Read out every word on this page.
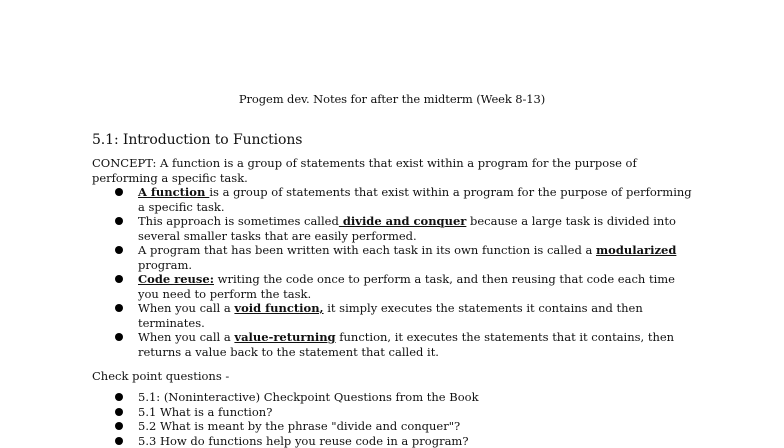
Progem dev. Notes for after the midterm (Week 8-13)
5.1: Introduction to Functions
CONCEPT: A function is a group of statements that exist within a program for the purpose of performing a specific task.
A function is a group of statements that exist within a program for the purpose of performing a specific task.
This approach is sometimes called divide and conquer because a large task is divided into several smaller tasks that are easily performed.
A program that has been written with each task in its own function is called a modularized program.
Code reuse: writing the code once to perform a task, and then reusing that code each time you need to perform the task.
When you call a void function, it simply executes the statements it contains and then terminates.
When you call a value-returning function, it executes the statements that it contains, then returns a value back to the statement that called it.
Check point questions -
5.1: (Noninteractive) Checkpoint Questions from the Book
5.1 What is a function?
5.2 What is meant by the phrase "divide and conquer"?
5.3 How do functions help you reuse code in a program?
